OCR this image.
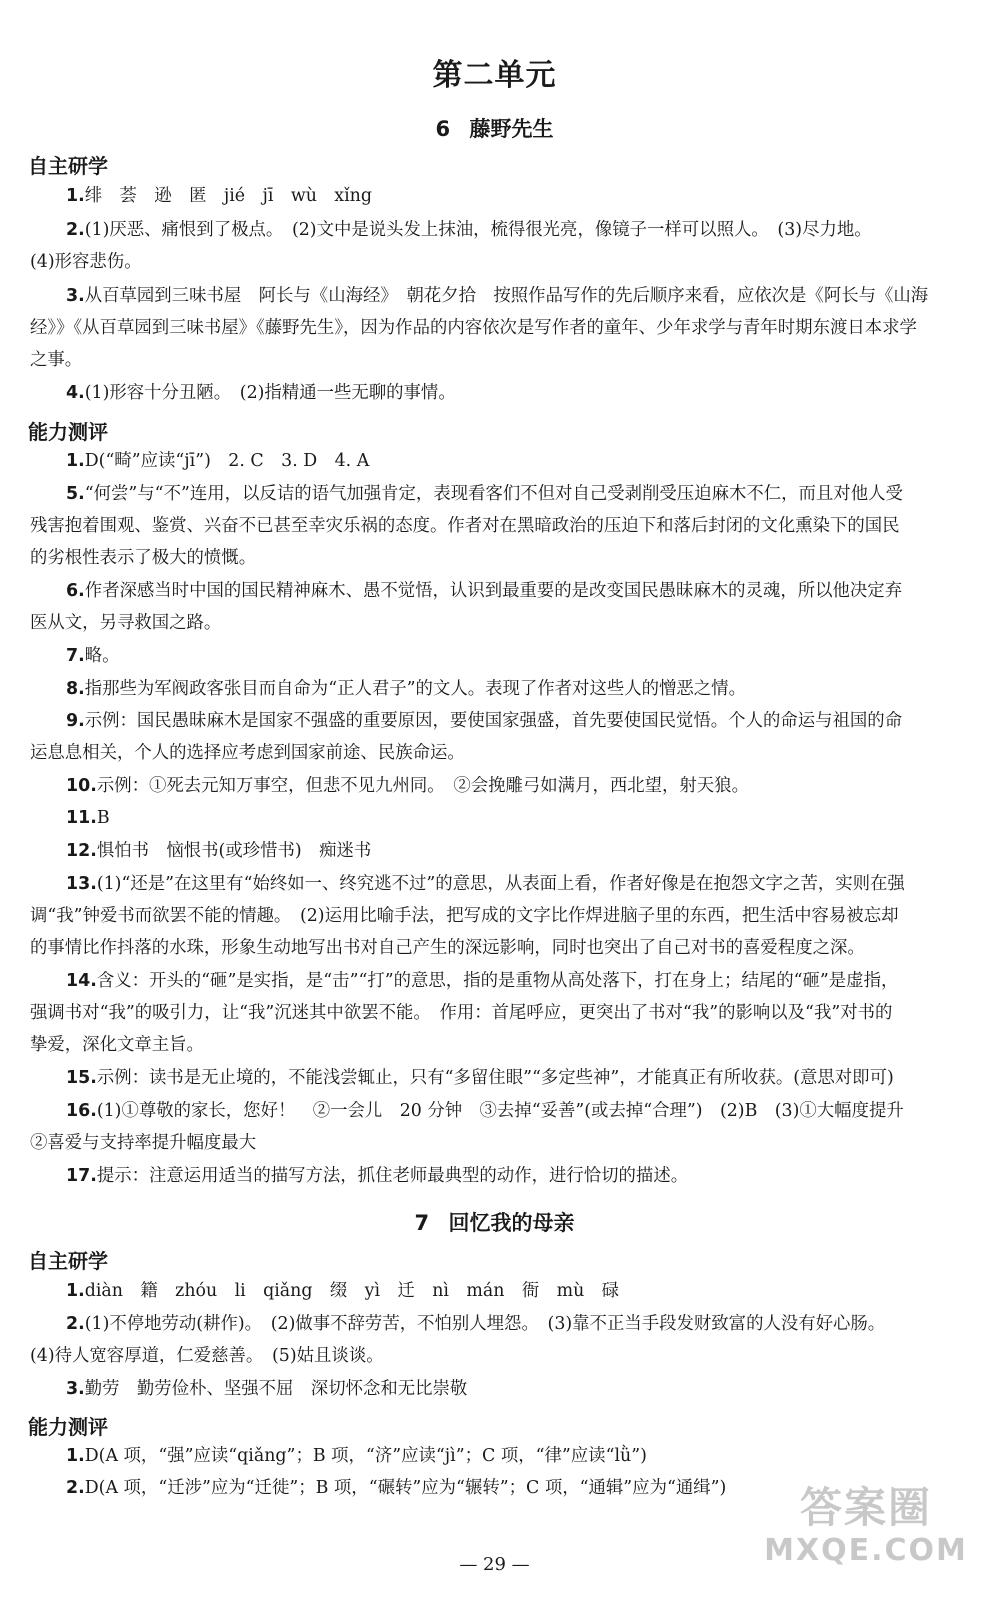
第二单元
6 藤野先生
自主研学
1.绯　荟　逊　匿　jié　jī　wù　xǐng
2.(1)厌恶、痛恨到了极点。　(2)文中是说头发上抹油，梳得很光亮，像镜子一样可以照人。　(3)尽力地。
(4)形容悲伤。
3.从百草园到三味书屋　阿长与《山海经》　朝花夕拾　按照作品写作的先后顺序来看，应依次是《阿长与《山海
经》》《从百草园到三味书屋》《藤野先生》，因为作品的内容依次是写作者的童年、少年求学与青年时期东渡日本求学
之事。
4.(1)形容十分丑陋。　(2)指精通一些无聊的事情。
能力测评
1.D(“畸”应读“jī”)　2. C　3. D　4. A
5.“何尝”与“不”连用，以反诘的语气加强肯定，表现看客们不但对自己受剥削受压迫麻木不仁，而且对他人受
残害抱着围观、鉴赏、兴奋不已甚至幸灾乐祸的态度。作者对在黑暗政治的压迫下和落后封闭的文化熏染下的国民
的劣根性表示了极大的愤慨。
6.作者深感当时中国的国民精神麻木、愚不觉悟，认识到最重要的是改变国民愚昧麻木的灵魂，所以他决定弃
医从文，另寻救国之路。
7.略。
8.指那些为军阀政客张目而自命为“正人君子”的文人。表现了作者对这些人的憎恶之情。
9.示例：国民愚昧麻木是国家不强盛的重要原因，要使国家强盛，首先要使国民觉悟。个人的命运与祖国的命
运息息相关，个人的选择应考虑到国家前途、民族命运。
10.示例：①死去元知万事空，但悲不见九州同。　②会挽雕弓如满月，西北望，射天狼。
11.B
12.惧怕书　恼恨书(或珍惜书)　痴迷书
13.(1)“还是”在这里有“始终如一、终究逃不过”的意思，从表面上看，作者好像是在抱怨文字之苦，实则在强
调“我”钟爱书而欲罢不能的情趣。　(2)运用比喻手法，把写成的文字比作焊进脑子里的东西，把生活中容易被忘却
的事情比作抖落的水珠，形象生动地写出书对自己产生的深远影响，同时也突出了自己对书的喜爱程度之深。
14.含义：开头的“砸”是实指，是“击”“打”的意思，指的是重物从高处落下，打在身上；结尾的“砸”是虚指，
强调书对“我”的吸引力，让“我”沉迷其中欲罢不能。　作用：首尾呼应，更突出了书对“我”的影响以及“我”对书的
挚爱，深化文章主旨。
15.示例：读书是无止境的，不能浅尝辄止，只有“多留住眼”“多定些神”，才能真正有所收获。(意思对即可)
16.(1)①尊敬的家长，您好！　②一会儿　20 分钟　③去掉“妥善”(或去掉“合理”)　(2)B　(3)①大幅度提升
②喜爱与支持率提升幅度最大
17.提示：注意运用适当的描写方法，抓住老师最典型的动作，进行恰切的描述。
7 回忆我的母亲
自主研学
1.diàn　籍　zhóu　li　qiǎng　缀　yì　迁　nì　mán　衙　mù　碌
2.(1)不停地劳动(耕作)。　(2)做事不辞劳苦，不怕别人埋怨。　(3)靠不正当手段发财致富的人没有好心肠。
(4)待人宽容厚道，仁爱慈善。　(5)姑且谈谈。
3.勤劳　勤劳俭朴、坚强不屈　深切怀念和无比崇敬
能力测评
1.D(A 项，“强”应读“qiǎng”；B 项，“济”应读“jì”；C 项，“律”应读“lǜ”)
2.D(A 项，“迁涉”应为“迁徙”；B 项，“碾转”应为“辗转”；C 项，“通辑”应为“通缉”)
— 29 —
答案圈
MXQE.COM
